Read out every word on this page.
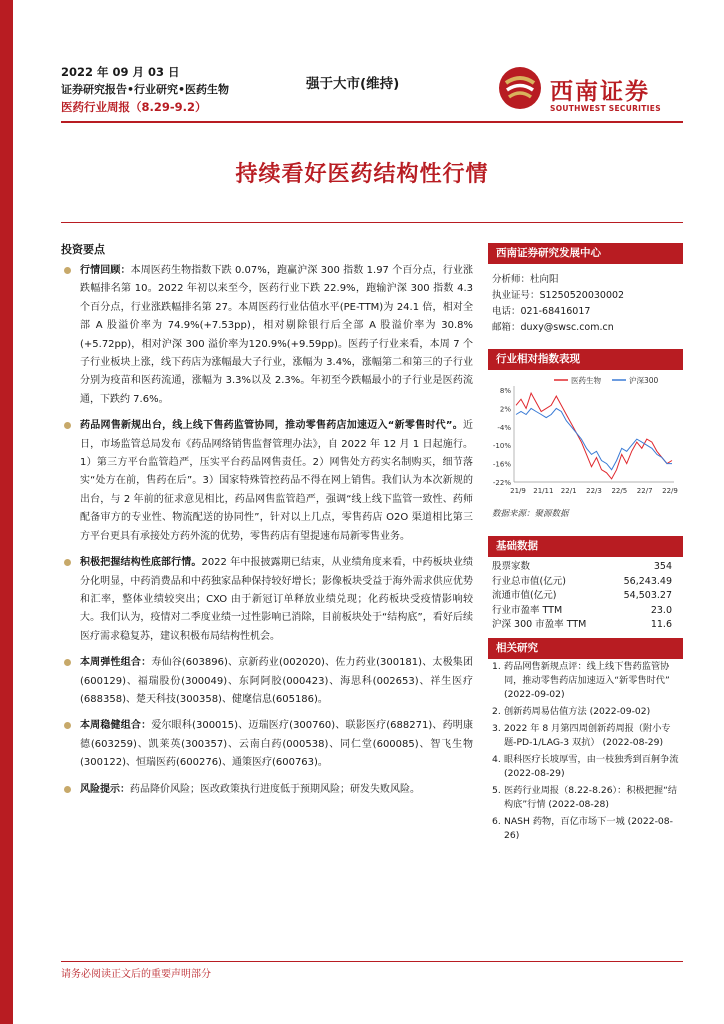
2022 年 09 月 03 日
证券研究报告•行业研究•医药生物
医药行业周报（8.29-9.2）
强于大市(维持)	西南证券
SOUTHWEST SECURITIES
持续看好医药结构性行情
投资要点
行情回顾：本周医药生物指数下跌 0.07%，跑赢沪深 300 指数 1.97 个百分点，行业涨跌幅排名第 10。2022 年初以来至今，医药行业下跌 22.9%，跑输沪深 300 指数 4.3 个百分点，行业涨跌幅排名第 27。本周医药行业估值水平(PE-TTM)为 24.1 倍，相对全部 A 股溢价率为 74.9%(+7.53pp)，相对剔除银行后全部 A 股溢价率为 30.8%(+5.72pp)，相对沪深 300 溢价率为120.9%(+9.59pp)。医药子行业来看，本周 7 个子行业板块上涨，线下药店为涨幅最大子行业，涨幅为 3.4%，涨幅第二和第三的子行业分别为疫苗和医药流通，涨幅为 3.3%以及 2.3%。年初至今跌幅最小的子行业是医药流通，下跌约 7.6%。
药品网售新规出台，线上线下售药监管协同，推动零售药店加速迈入“新零售时代”。近日，市场监管总局发布《药品网络销售监督管理办法》，自 2022 年 12 月 1 日起施行。1）第三方平台监管趋严，压实平台药品网售责任。2）网售处方药实名制购买，细节落实“处方在前，售药在后”。3）国家特殊管控药品不得在网上销售。我们认为本次新规的出台，与 2 年前的征求意见相比，药品网售监管趋严，强调“线上线下监管一致性、药师配备审方的专业性、物流配送的协同性”，针对以上几点，零售药店 O2O 渠道相比第三方平台更具有承接处方药外流的优势，零售药店有望提速布局新零售业务。
积极把握结构性底部行情。2022 年中报披露期已结束，从业绩角度来看，中药板块业绩分化明显，中药消费品和中药独家品种保持较好增长；影像板块受益于海外需求供应优势和汇率，整体业绩较突出；CXO 由于新冠订单释放业绩兑现；化药板块受疫情影响较大。我们认为，疫情对二季度业绩一过性影响已消除，目前板块处于“结构底”，看好后续医疗需求稳复苏，建议积极布局结构性机会。
本周弹性组合：寿仙谷(603896)、京新药业(002020)、佐力药业(300181)、太极集团(600129)、福瑞股份(300049)、东阿阿胶(000423)、海思科(002653)、祥生医疗(688358)、楚天科技(300358)、健麾信息(605186)。
本周稳健组合：爱尔眼科(300015)、迈瑞医疗(300760)、联影医疗(688271)、药明康德(603259)、凯莱英(300357)、云南白药(000538)、同仁堂(600085)、智飞生物(300122)、恒瑞医药(600276)、通策医疗(600763)。
风险提示：药品降价风险；医改政策执行进度低于预期风险；研发失败风险。
西南证券研究发展中心
分析师：杜向阳
执业证号：S1250520030002
电话：021-68416017
邮箱：duxy@swsc.com.cn
行业相对指数表现
8%
2%
-4%
-10%
-16%
-22%
21/9 21/11 22/1 22/3 22/5 22/7 22/9
医药生物	沪深300
数据来源：聚源数据
基础数据
股票家数	354
行业总市值(亿元)	56,243.49
流通市值(亿元)	54,503.27
行业市盈率 TTM	23.0
沪深 300 市盈率 TTM	11.6
相关研究
1. 药品网售新规点评：线上线下售药监管协同，推动零售药店加速迈入“新零售时代” (2022-09-02)
2. 创新药周易估值方法 (2022-09-02)
3. 2022 年 8 月第四周创新药周报（附小专题-PD-1/LAG-3 双抗） (2022-08-29)
4. 眼科医疗长坡厚雪，由一枝独秀到百舸争流 (2022-08-29)
5. 医药行业周报（8.22-8.26）：积极把握“结构底”行情 (2022-08-28)
6. NASH 药物，百亿市场下一城 (2022-08-26)
请务必阅读正文后的重要声明部分
